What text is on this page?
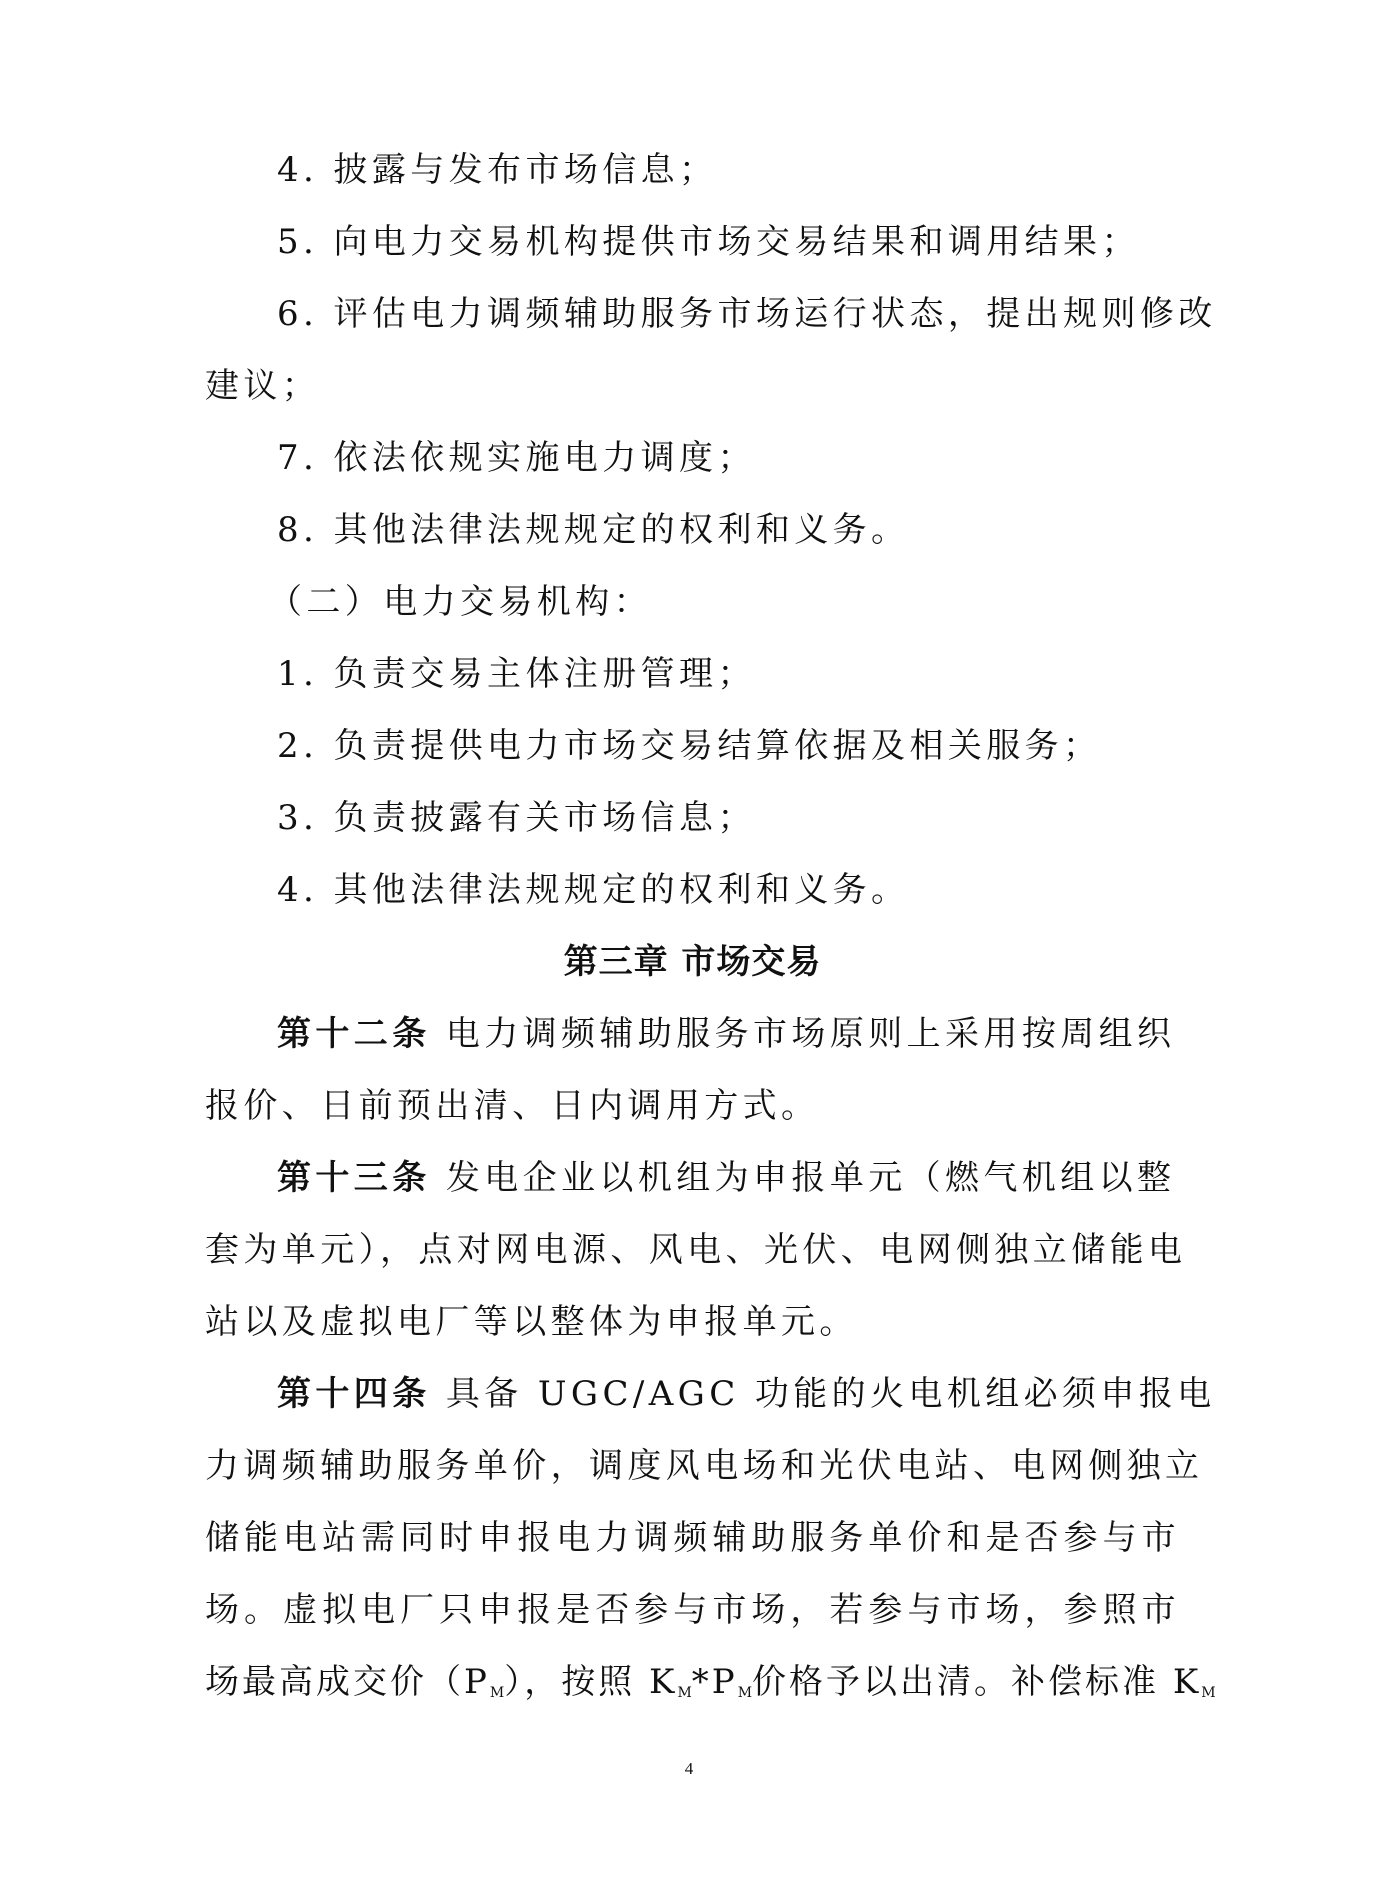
4. 披露与发布市场信息；
5. 向电力交易机构提供市场交易结果和调用结果；
6. 评估电力调频辅助服务市场运行状态，提出规则修改
建议；
7. 依法依规实施电力调度；
8. 其他法律法规规定的权利和义务。
（二）电力交易机构：
1. 负责交易主体注册管理；
2. 负责提供电力市场交易结算依据及相关服务；
3. 负责披露有关市场信息；
4. 其他法律法规规定的权利和义务。
第三章 市场交易
第十二条 电力调频辅助服务市场原则上采用按周组织
报价、日前预出清、日内调用方式。
第十三条 发电企业以机组为申报单元（燃气机组以整
套为单元），点对网电源、风电、光伏、电网侧独立储能电
站以及虚拟电厂等以整体为申报单元。
第十四条 具备 UGC/AGC 功能的火电机组必须申报电
力调频辅助服务单价，调度风电场和光伏电站、电网侧独立
储能电站需同时申报电力调频辅助服务单价和是否参与市
场。虚拟电厂只申报是否参与市场，若参与市场，参照市
场最高成交价$(P_M)$，按照 $K_M*P_M$价格予以出清。补偿标准 $K_M$
4
